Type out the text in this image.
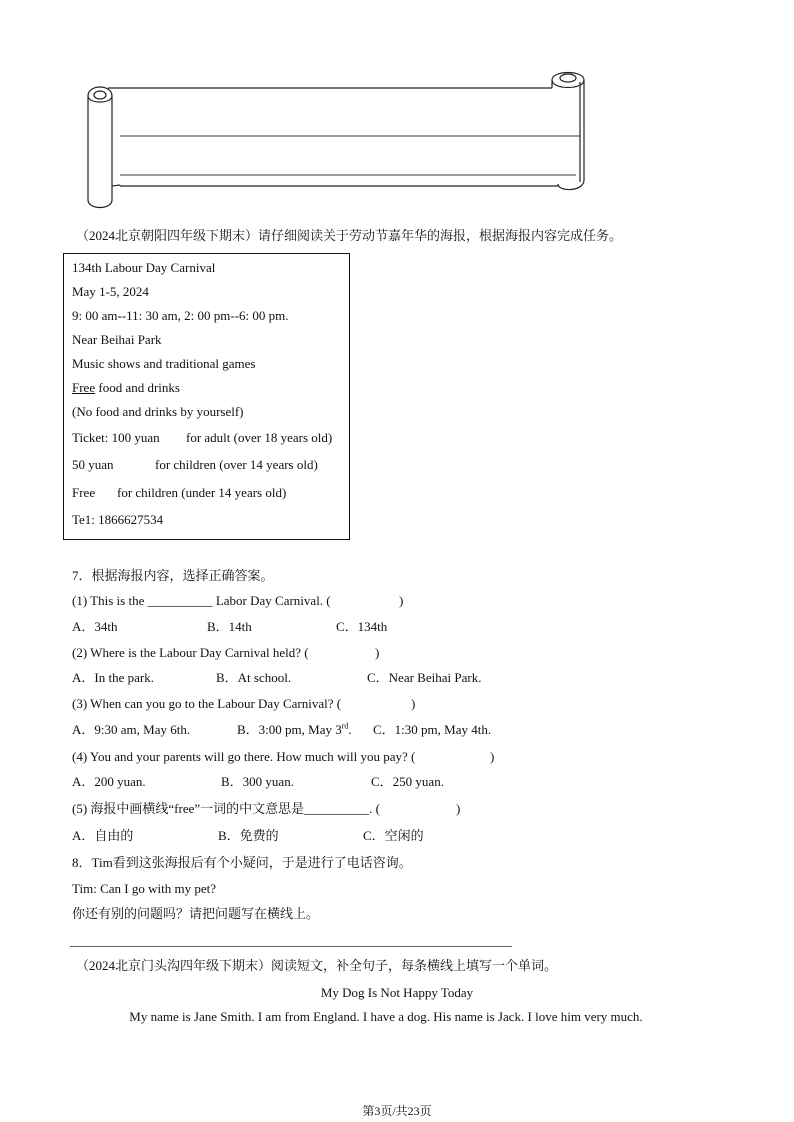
（2024北京朝阳四年级下期末）请仔细阅读关于劳动节嘉年华的海报，根据海报内容完成任务。
134th Labour Day Carnival
May 1-5, 2024
9: 00 am--11: 30 am, 2: 00 pm--6: 00 pm.
Near Beihai Park
Music shows and traditional games
Free food and drinks
(No food and drinks by yourself)
Ticket: 100 yuan for adult (over 18 years old)
50 yuan	for children (over 14 years old)
Free for children (under 14 years old)
Te1: 1866627534
7．根据海报内容，选择正确答案。
(1) This is the __________ Labor Day Carnival. (	)
A．34th	B．14th	C．134th
(2) Where is the Labour Day Carnival held? (	)
A．In the park.	B．At school.	C．Near Beihai Park.
(3) When can you go to the Labour Day Carnival? (	)
A．9:30 am, May 6th.	B．3:00 pm, May 3rd. C．1:30 pm, May 4th.
(4) You and your parents will go there. How much will you pay? (	)
A．200 yuan.	B．300 yuan.	C．250 yuan.
(5) 海报中画横线“free”一词的中文意思是__________. (	)
A．自由的	B．免费的	C．空闲的
8．Tim看到这张海报后有个小疑问，于是进行了电话咨询。
Tim: Can I go with my pet?
你还有别的问题吗？请把问题写在横线上。
（2024北京门头沟四年级下期末）阅读短文，补全句子，每条横线上填写一个单词。
My Dog Is Not Happy Today
My name is Jane Smith. I am from England. I have a dog. His name is Jack. I love him very much.
第3页/共23页
